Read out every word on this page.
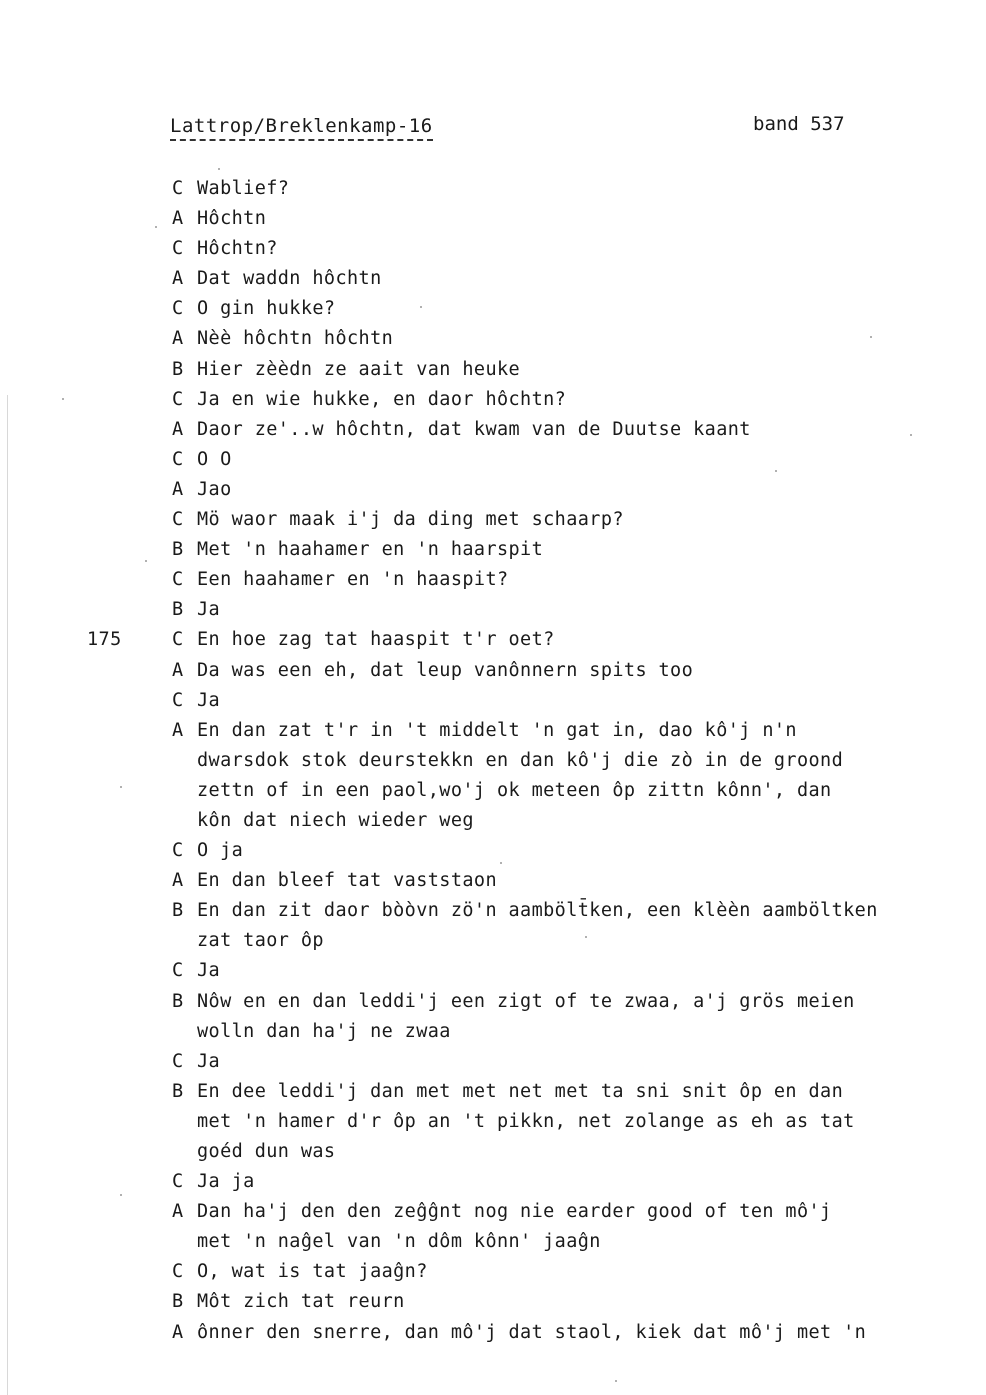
Lattrop/Breklenkamp-16	band 537
C Wablief?
A Hôchtn
C Hôchtn?
A Dat waddn hôchtn
C O gin hukke?
A Nèè hôchtn hôchtn
B Hier zèèdn ze aait van heuke
C Ja en wie hukke, en daor hôchtn?
A Daor ze'..w hôchtn, dat kwam van de Duutse kaant
C O O
A Jao
C Mö waor maak i'j da ding met schaarp?
B Met 'n haahamer en 'n haarspit
C Een haahamer en 'n haaspit?
B Ja
175	C En hoe zag tat haaspit t'r oet?
A Da was een eh, dat leup vanônnern spits too
C Ja
A En dan zat t'r in 't middelt 'n gat in, dao kô'j n'n
dwarsdok stok deurstekkn en dan kô'j die zò in de groond
zettn of in een paol,wo'j ok meteen ôp zittn kônn', dan
kôn dat niech wieder weg
C O ja
A En dan bleef tat vaststaon
B En dan zit daor bòòvn zö'n aambölt̄ken, een klèèn aamböltken
zat taor ôp
C Ja
B Nôw en en dan leddi'j een zigt of te zwaa, a'j grös meien
wolln dan ha'j ne zwaa
C Ja
B En dee leddi'j dan met met net met ta sni snit ôp en dan
met 'n hamer d'r ôp an 't pikkn, net zolange as eh as tat
goéd dun was
C Ja ja
A Dan ha'j den den zeĝĝnt nog nie earder good of ten mô'j
met 'n naĝel van 'n dôm kônn' jaaĝn
C O, wat is tat jaaĝn?
B Môt zich tat reurn
A ônner den snerre, dan mô'j dat staol, kiek dat mô'j met 'n
